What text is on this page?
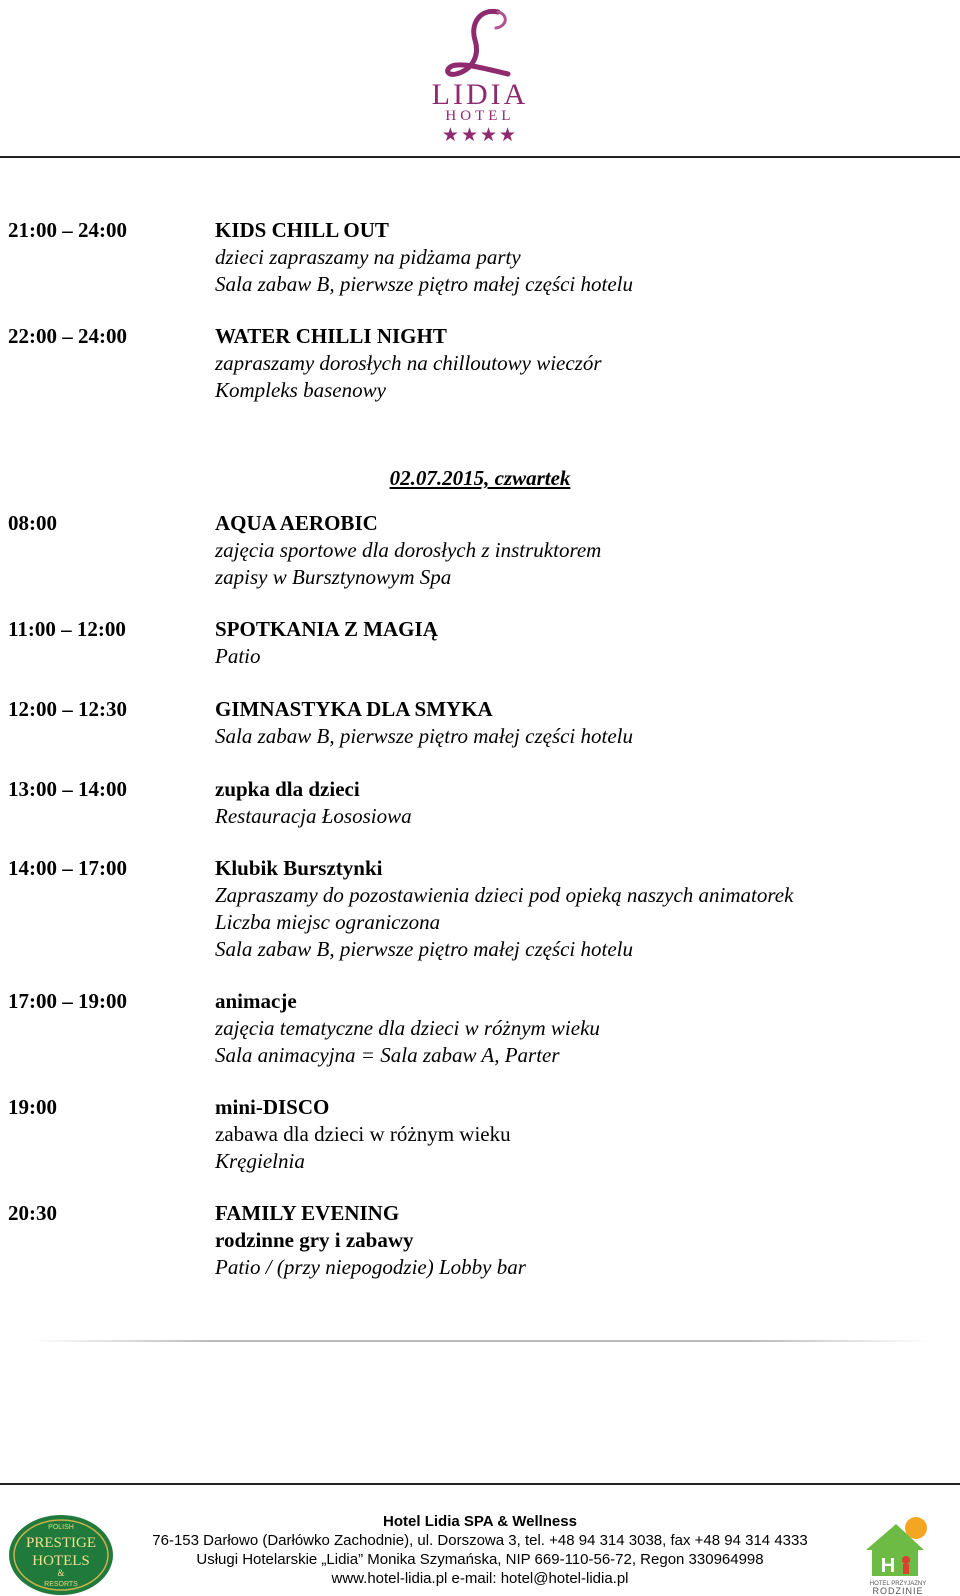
LIDIA
HOTEL
★★★★
21:00 – 24:00	KIDS CHILL OUT
dzieci zapraszamy na pidżama party
Sala zabaw B, pierwsze piętro małej części hotelu
22:00 – 24:00	WATER CHILLI NIGHT
zapraszamy dorosłych na chilloutowy wieczór
Kompleks basenowy
02.07.2015, czwartek
08:00	AQUA AEROBIC
zajęcia sportowe dla dorosłych z instruktorem
zapisy w Bursztynowym Spa
11:00 – 12:00	SPOTKANIA Z MAGIĄ
Patio
12:00 – 12:30	GIMNASTYKA DLA SMYKA
Sala zabaw B, pierwsze piętro małej części hotelu
13:00 – 14:00	zupka dla dzieci
Restauracja Łososiowa
14:00 – 17:00	Klubik Bursztynki
Zapraszamy do pozostawienia dzieci pod opieką naszych animatorek
Liczba miejsc ograniczona
Sala zabaw B, pierwsze piętro małej części hotelu
17:00 – 19:00	animacje
zajęcia tematyczne dla dzieci w różnym wieku
Sala animacyjna = Sala zabaw A, Parter
19:00	mini-DISCO
zabawa dla dzieci w różnym wieku
Kręgielnia
20:30	FAMILY EVENING
rodzinne gry i zabawy
Patio / (przy niepogodzie) Lobby bar
Hotel Lidia SPA & Wellness
76-153 Darłowo (Darłówko Zachodnie), ul. Dorszowa 3, tel. +48 94 314 3038, fax +48 94 314 4333
Usługi Hotelarskie „Lidia” Monika Szymańska, NIP 669-110-56-72, Regon 330964998
www.hotel-lidia.pl e-mail: hotel@hotel-lidia.pl
POLISH
PRESTIGE
HOTELS
&
RESORTS
H
HOTEL PRZYJAZNY
RODZINIE
